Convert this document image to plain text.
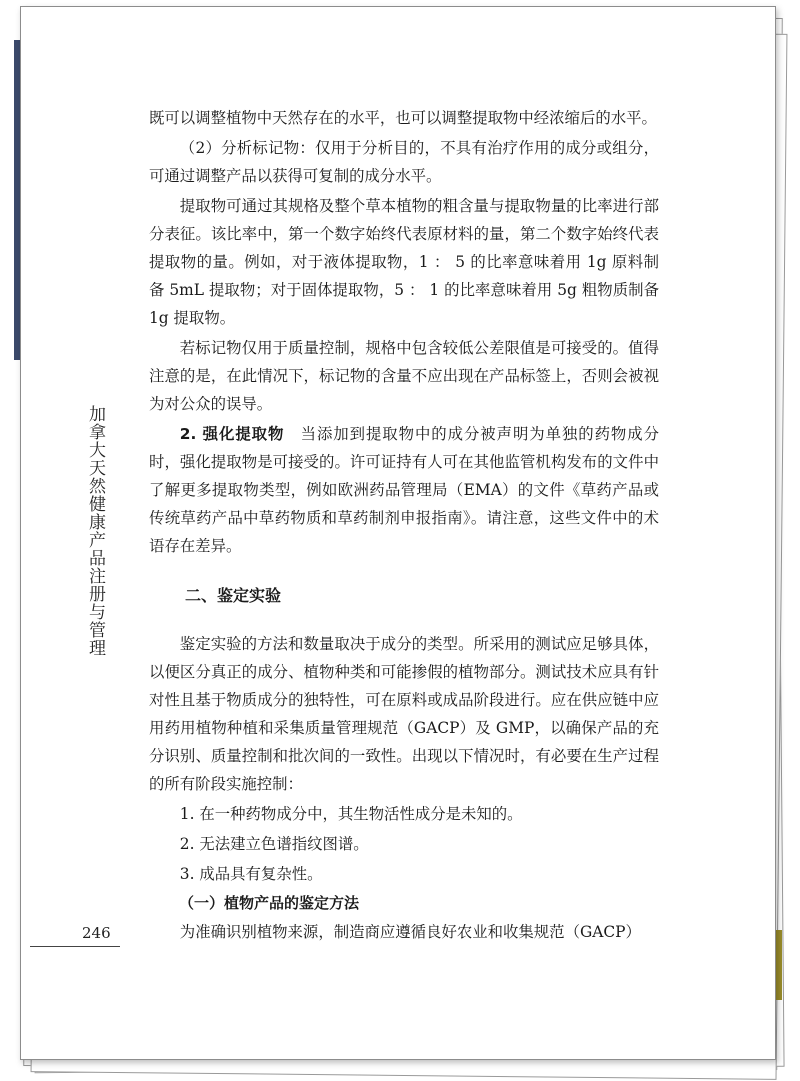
加拿大天然健康产品注册与管理
246

既可以调整植物中天然存在的水平，也可以调整提取物中经浓缩后的水平。

（2）分析标记物：仅用于分析目的，不具有治疗作用的成分或组分，可通过调整产品以获得可复制的成分水平。

提取物可通过其规格及整个草本植物的粗含量与提取物量的比率进行部分表征。该比率中，第一个数字始终代表原材料的量，第二个数字始终代表提取物的量。例如，对于液体提取物，1 ： 5 的比率意味着用 1g 原料制备 5mL 提取物；对于固体提取物，5 ： 1 的比率意味着用 5g 粗物质制备 1g 提取物。

若标记物仅用于质量控制，规格中包含较低公差限值是可接受的。值得注意的是，在此情况下，标记物的含量不应出现在产品标签上，否则会被视为对公众的误导。

2. 强化提取物　当添加到提取物中的成分被声明为单独的药物成分时，强化提取物是可接受的。许可证持有人可在其他监管机构发布的文件中了解更多提取物类型，例如欧洲药品管理局（EMA）的文件《草药产品或传统草药产品中草药物质和草药制剂申报指南》。请注意，这些文件中的术语存在差异。

二、鉴定实验

鉴定实验的方法和数量取决于成分的类型。所采用的测试应足够具体，以便区分真正的成分、植物种类和可能掺假的植物部分。测试技术应具有针对性且基于物质成分的独特性，可在原料或成品阶段进行。应在供应链中应用药用植物种植和采集质量管理规范（GACP）及 GMP，以确保产品的充分识别、质量控制和批次间的一致性。出现以下情况时，有必要在生产过程的所有阶段实施控制：

1. 在一种药物成分中，其生物活性成分是未知的。

2. 无法建立色谱指纹图谱。

3. 成品具有复杂性。

（一）植物产品的鉴定方法

为准确识别植物来源，制造商应遵循良好农业和收集规范（GACP）
